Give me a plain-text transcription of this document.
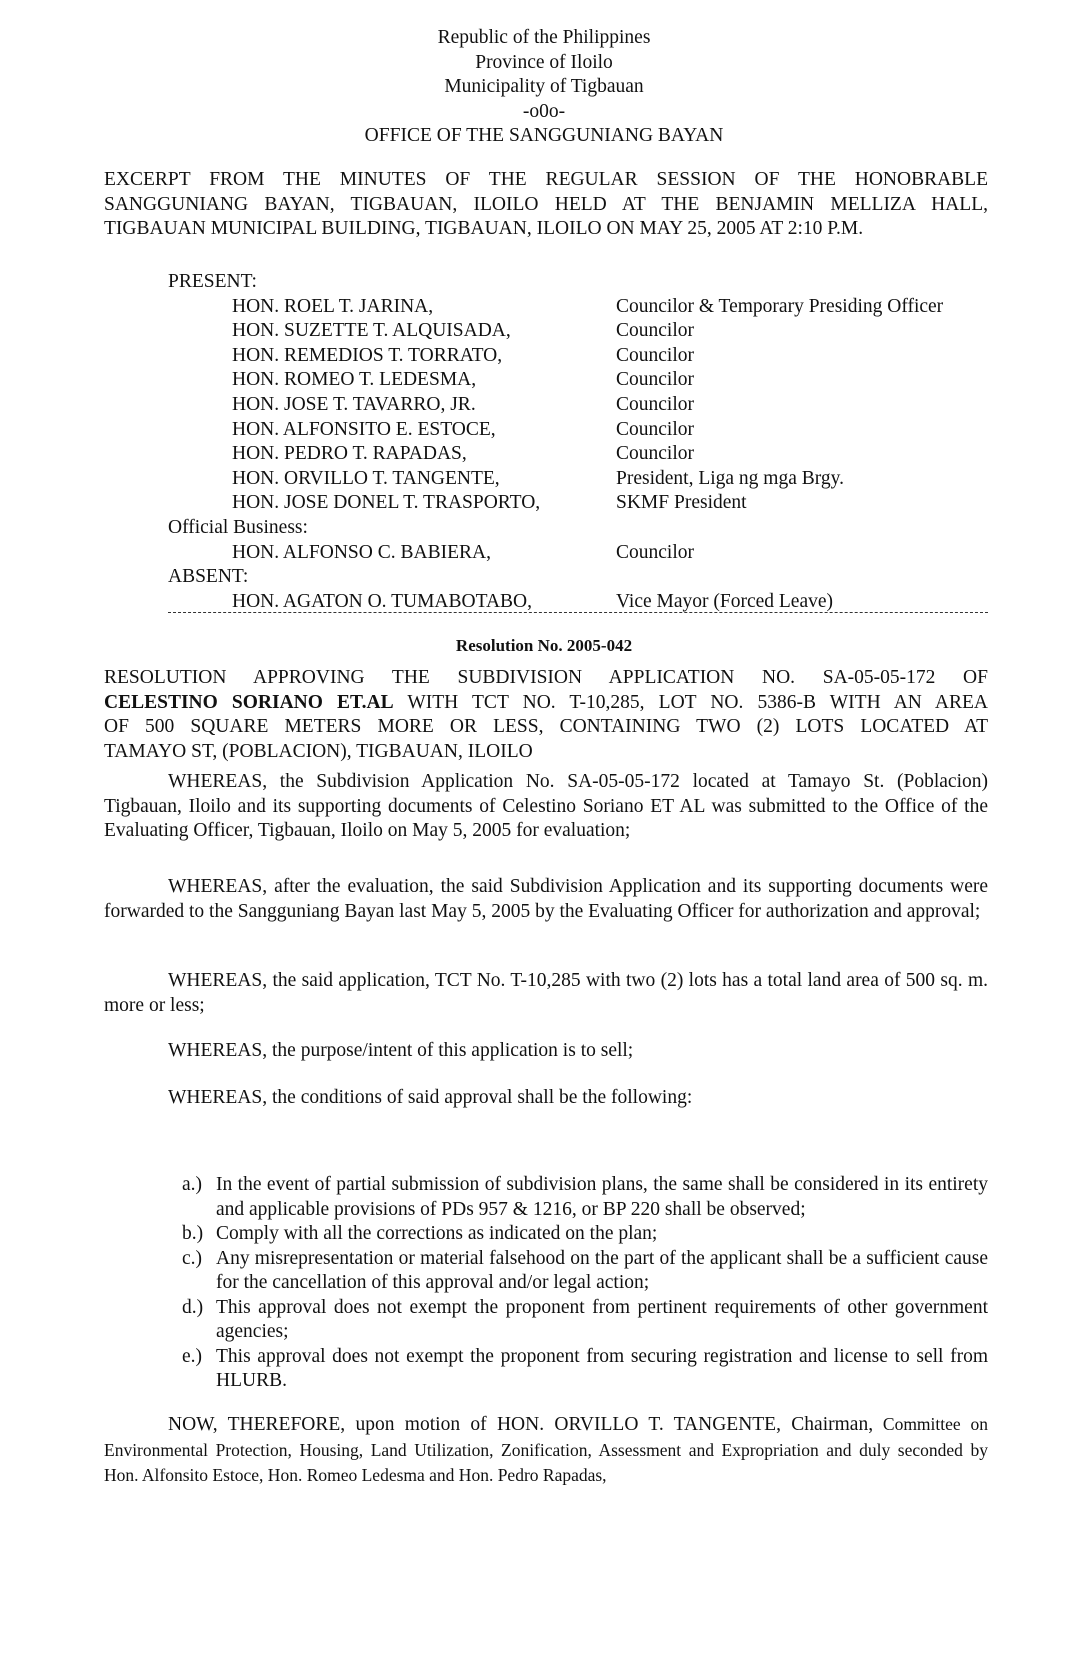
Republic of the Philippines
Province of Iloilo
Municipality of Tigbauan
-o0o-
OFFICE OF THE SANGGUNIANG BAYAN
EXCERPT FROM THE MINUTES OF THE REGULAR SESSION OF THE HONOBRABLE
SANGGUNIANG BAYAN, TIGBAUAN, ILOILO HELD AT THE BENJAMIN MELLIZA HALL,
TIGBAUAN MUNICIPAL BUILDING, TIGBAUAN, ILOILO ON MAY 25, 2005 AT 2:10 P.M.
PRESENT:
HON. ROEL T. JARINA,	Councilor & Temporary Presiding Officer
HON. SUZETTE T. ALQUISADA,	Councilor
HON. REMEDIOS T. TORRATO,	Councilor
HON. ROMEO T. LEDESMA,	Councilor
HON. JOSE T. TAVARRO, JR.	Councilor
HON. ALFONSITO E. ESTOCE,	Councilor
HON. PEDRO T. RAPADAS,	Councilor
HON. ORVILLO T. TANGENTE,	President, Liga ng mga Brgy.
HON. JOSE DONEL T. TRASPORTO,	SKMF President
Official Business:
HON. ALFONSO C. BABIERA,	Councilor
ABSENT:
HON. AGATON O. TUMABOTABO,	Vice Mayor (Forced Leave)
Resolution No. 2005-042
RESOLUTION APPROVING THE SUBDIVISION APPLICATION NO. SA-05-05-172 OF
CELESTINO SORIANO ET.AL WITH TCT NO. T-10,285, LOT NO. 5386-B WITH AN AREA
OF 500 SQUARE METERS MORE OR LESS, CONTAINING TWO (2) LOTS LOCATED AT
TAMAYO ST, (POBLACION), TIGBAUAN, ILOILO

WHEREAS, the Subdivision Application No. SA-05-05-172 located at Tamayo St. (Poblacion) Tigbauan, Iloilo and its supporting documents of Celestino Soriano ET AL was submitted to the Office of the Evaluating Officer, Tigbauan, Iloilo on May 5, 2005 for evaluation;

WHEREAS, after the evaluation, the said Subdivision Application and its supporting documents were forwarded to the Sangguniang Bayan last May 5, 2005 by the Evaluating Officer for authorization and approval;

WHEREAS, the said application, TCT No. T-10,285 with two (2) lots has a total land area of 500 sq. m. more or less;

WHEREAS, the purpose/intent of this application is to sell;

WHEREAS, the conditions of said approval shall be the following:

a.) In the event of partial submission of subdivision plans, the same shall be considered in its entirety and applicable provisions of PDs 957 & 1216, or BP 220 shall be observed;
b.) Comply with all the corrections as indicated on the plan;
c.) Any misrepresentation or material falsehood on the part of the applicant shall be a sufficient cause for the cancellation of this approval and/or legal action;
d.) This approval does not exempt the proponent from pertinent requirements of other government agencies;
e.) This approval does not exempt the proponent from securing registration and license to sell from HLURB.

NOW, THEREFORE, upon motion of HON. ORVILLO T. TANGENTE, Chairman, Committee on Environmental Protection, Housing, Land Utilization, Zonification, Assessment and Expropriation and duly seconded by Hon. Alfonsito Estoce, Hon. Romeo Ledesma and Hon. Pedro Rapadas,
